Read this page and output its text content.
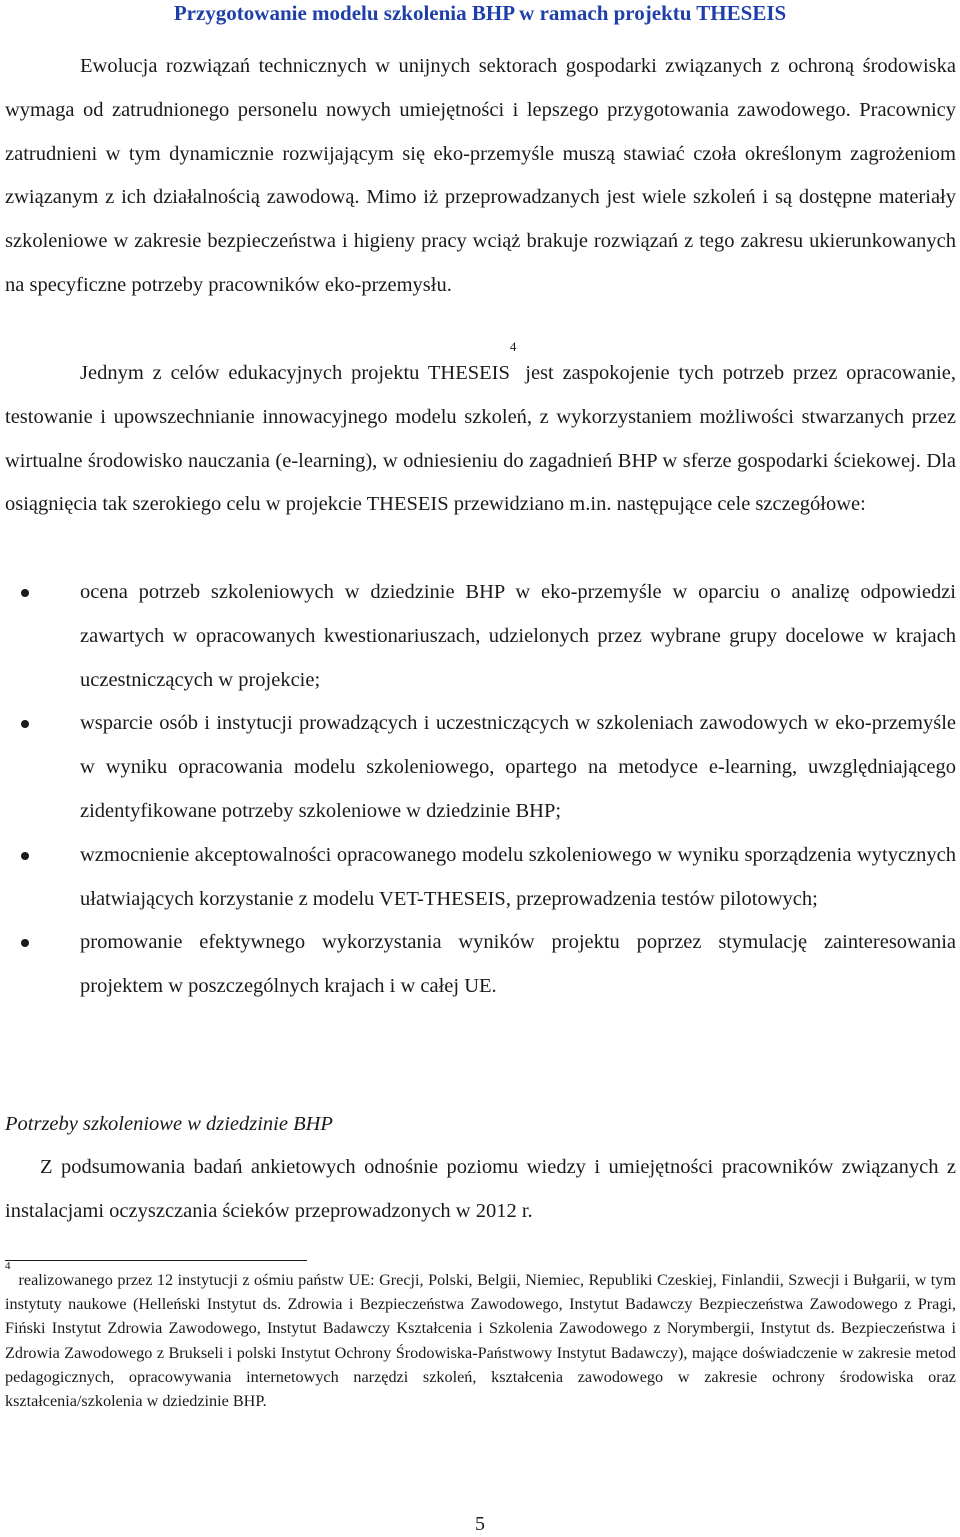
Przygotowanie modelu szkolenia BHP w ramach projektu THESEIS

Ewolucja rozwiązań technicznych w unijnych sektorach gospodarki związanych z ochroną środowiska wymaga od zatrudnionego personelu nowych umiejętności i lepszego przygotowania zawodowego. Pracownicy zatrudnieni w tym dynamicznie rozwijającym się eko-przemyśle muszą stawiać czoła określonym zagrożeniom związanym z ich działalnością zawodową. Mimo iż przeprowadzanych jest wiele szkoleń i są dostępne materiały szkoleniowe w zakresie bezpieczeństwa i higieny pracy wciąż brakuje rozwiązań z tego zakresu ukierunkowanych na specyficzne potrzeby pracowników eko-przemysłu.

Jednym z celów edukacyjnych projektu THESEIS$^4$ jest zaspokojenie tych potrzeb przez opracowanie, testowanie i upowszechnianie innowacyjnego modelu szkoleń, z wykorzystaniem możliwości stwarzanych przez wirtualne środowisko nauczania (e-learning), w odniesieniu do zagadnień BHP w sferze gospodarki ściekowej. Dla osiągnięcia tak szerokiego celu w projekcie THESEIS przewidziano m.in. następujące cele szczegółowe:

ocena potrzeb szkoleniowych w dziedzinie BHP w eko-przemyśle w oparciu o analizę odpowiedzi zawartych w opracowanych kwestionariuszach, udzielonych przez wybrane grupy docelowe w krajach uczestniczących w projekcie;
wsparcie osób i instytucji prowadzących i uczestniczących w szkoleniach zawodowych w eko-przemyśle w wyniku opracowania modelu szkoleniowego, opartego na metodyce e-learning, uwzględniającego zidentyfikowane potrzeby szkoleniowe w dziedzinie BHP;
wzmocnienie akceptowalności opracowanego modelu szkoleniowego w wyniku sporządzenia wytycznych ułatwiających korzystanie z modelu VET-THESEIS, przeprowadzenia testów pilotowych;
promowanie efektywnego wykorzystania wyników projektu poprzez stymulację zainteresowania projektem w poszczególnych krajach i w całej UE.
Potrzeby szkoleniowe w dziedzinie BHP

Z podsumowania badań ankietowych odnośnie poziomu wiedzy i umiejętności pracowników związanych z instalacjami oczyszczania ścieków przeprowadzonych w 2012 r.

$^4$realizowanego przez 12 instytucji z ośmiu państw UE: Grecji, Polski, Belgii, Niemiec, Republiki Czeskiej, Finlandii, Szwecji i Bułgarii, w tym instytuty naukowe (Helleński Instytut ds. Zdrowia i Bezpieczeństwa Zawodowego, Instytut Badawczy Bezpieczeństwa Zawodowego z Pragi, Fiński Instytut Zdrowia Zawodowego, Instytut Badawczy Kształcenia i Szkolenia Zawodowego z Norymbergii, Instytut ds. Bezpieczeństwa i Zdrowia Zawodowego z Brukseli i polski Instytut Ochrony Środowiska-Państwowy Instytut Badawczy), mające doświadczenie w zakresie metod pedagogicznych, opracowywania internetowych narzędzi szkoleń, kształcenia zawodowego w zakresie ochrony środowiska oraz kształcenia/szkolenia w dziedzinie BHP.

5
